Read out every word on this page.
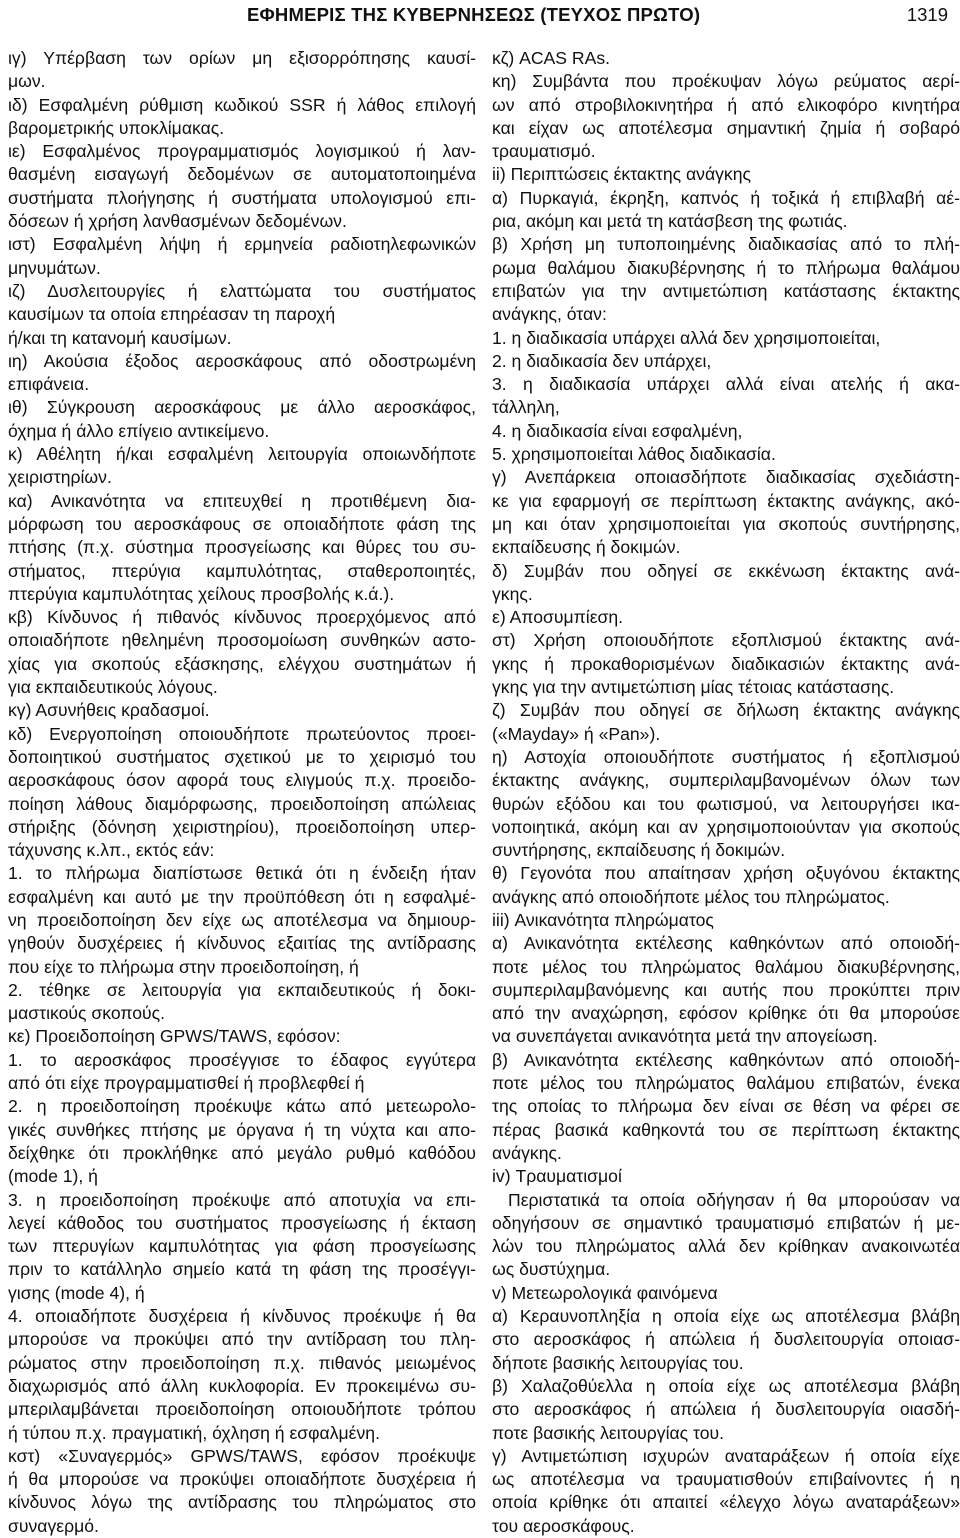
ΕΦΗΜΕΡΙΣ ΤΗΣ ΚΥΒΕΡΝΗΣΕΩΣ (ΤΕΥΧΟΣ ΠΡΩΤΟ)	1319
ιγ) Υπέρβαση των ορίων μη εξισορρόπησης καυσί-
μων.
ιδ) Εσφαλμένη ρύθμιση κωδικού SSR ή λάθος επιλογή
βαρομετρικής υποκλίμακας.
ιε) Εσφαλμένος προγραμματισμός λογισμικού ή λαν-
θασμένη εισαγωγή δεδομένων σε αυτοματοποιημένα
συστήματα πλοήγησης ή συστήματα υπολογισμού επι-
δόσεων ή χρήση λανθασμένων δεδομένων.
ιστ) Εσφαλμένη λήψη ή ερμηνεία ραδιοτηλεφωνικών
μηνυμάτων.
ιζ) Δυσλειτουργίες ή ελαττώματα του συστήματος
καυσίμων τα οποία επηρέασαν τη παροχή
ή/και τη κατανομή καυσίμων.
ιη) Ακούσια έξοδος αεροσκάφους από οδοστρωμένη
επιφάνεια.
ιθ) Σύγκρουση αεροσκάφους με άλλο αεροσκάφος,
όχημα ή άλλο επίγειο αντικείμενο.
κ) Αθέλητη ή/και εσφαλμένη λειτουργία οποιωνδήποτε
χειριστηρίων.
κα) Ανικανότητα να επιτευχθεί η προτιθέμενη δια-
μόρφωση του αεροσκάφους σε οποιαδήποτε φάση της
πτήσης (π.χ. σύστημα προσγείωσης και θύρες του συ-
στήματος, πτερύγια καμπυλότητας, σταθεροποιητές,
πτερύγια καμπυλότητας χείλους προσβολής κ.ά.).
κβ) Κίνδυνος ή πιθανός κίνδυνος προερχόμενος από
οποιαδήποτε ηθελημένη προσομοίωση συνθηκών αστο-
χίας για σκοπούς εξάσκησης, ελέγχου συστημάτων ή
για εκπαιδευτικούς λόγους.
κγ) Ασυνήθεις κραδασμοί.
κδ) Ενεργοποίηση οποιουδήποτε πρωτεύοντος προει-
δοποιητικού συστήματος σχετικού με το χειρισμό του
αεροσκάφους όσον αφορά τους ελιγμούς π.χ. προειδο-
ποίηση λάθους διαμόρφωσης, προειδοποίηση απώλειας
στήριξης (δόνηση χειριστηρίου), προειδοποίηση υπερ-
τάχυνσης κ.λπ., εκτός εάν:
1. το πλήρωμα διαπίστωσε θετικά ότι η ένδειξη ήταν
εσφαλμένη και αυτό με την προϋπόθεση ότι η εσφαλμέ-
νη προειδοποίηση δεν είχε ως αποτέλεσμα να δημιουρ-
γηθούν δυσχέρειες ή κίνδυνος εξαιτίας της αντίδρασης
που είχε το πλήρωμα στην προειδοποίηση, ή
2. τέθηκε σε λειτουργία για εκπαιδευτικούς ή δοκι-
μαστικούς σκοπούς.
κε) Προειδοποίηση GPWS/TAWS, εφόσον:
1. το αεροσκάφος προσέγγισε το έδαφος εγγύτερα
από ότι είχε προγραμματισθεί ή προβλεφθεί ή
2. η προειδοποίηση προέκυψε κάτω από μετεωρολο-
γικές συνθήκες πτήσης με όργανα ή τη νύχτα και απο-
δείχθηκε ότι προκλήθηκε από μεγάλο ρυθμό καθόδου
(mode 1), ή
3. η προειδοποίηση προέκυψε από αποτυχία να επι-
λεγεί κάθοδος του συστήματος προσγείωσης ή έκταση
των πτερυγίων καμπυλότητας για φάση προσγείωσης
πριν το κατάλληλο σημείο κατά τη φάση της προσέγγι-
γισης (mode 4), ή
4. οποιαδήποτε δυσχέρεια ή κίνδυνος προέκυψε ή θα
μπορούσε να προκύψει από την αντίδραση του πλη-
ρώματος στην προειδοποίηση π.χ. πιθανός μειωμένος
διαχωρισμός από άλλη κυκλοφορία. Εν προκειμένω συ-
μπεριλαμβάνεται προειδοποίηση οποιουδήποτε τρόπου
ή τύπου π.χ. πραγματική, όχληση ή εσφαλμένη.
κστ) «Συναγερμός» GPWS/TAWS, εφόσον προέκυψε
ή θα μπορούσε να προκύψει οποιαδήποτε δυσχέρεια ή
κίνδυνος λόγω της αντίδρασης του πληρώματος στο
συναγερμό.
κζ) ACAS RAs.
κη) Συμβάντα που προέκυψαν λόγω ρεύματος αερί-
ων από στροβιλοκινητήρα ή από ελικοφόρο κινητήρα
και είχαν ως αποτέλεσμα σημαντική ζημία ή σοβαρό
τραυματισμό.
ii) Περιπτώσεις έκτακτης ανάγκης
α) Πυρκαγιά, έκρηξη, καπνός ή τοξικά ή επιβλαβή αέ-
ρια, ακόμη και μετά τη κατάσβεση της φωτιάς.
β) Χρήση μη τυποποιημένης διαδικασίας από το πλή-
ρωμα θαλάμου διακυβέρνησης ή το πλήρωμα θαλάμου
επιβατών για την αντιμετώπιση κατάστασης έκτακτης
ανάγκης, όταν:
1. η διαδικασία υπάρχει αλλά δεν χρησιμοποιείται,
2. η διαδικασία δεν υπάρχει,
3. η διαδικασία υπάρχει αλλά είναι ατελής ή ακα-
τάλληλη,
4. η διαδικασία είναι εσφαλμένη,
5. χρησιμοποιείται λάθος διαδικασία.
γ) Ανεπάρκεια οποιασδήποτε διαδικασίας σχεδιάστη-
κε για εφαρμογή σε περίπτωση έκτακτης ανάγκης, ακό-
μη και όταν χρησιμοποιείται για σκοπούς συντήρησης,
εκπαίδευσης ή δοκιμών.
δ) Συμβάν που οδηγεί σε εκκένωση έκτακτης ανά-
γκης.
ε) Αποσυμπίεση.
στ) Χρήση οποιουδήποτε εξοπλισμού έκτακτης ανά-
γκης ή προκαθορισμένων διαδικασιών έκτακτης ανά-
γκης για την αντιμετώπιση μίας τέτοιας κατάστασης.
ζ) Συμβάν που οδηγεί σε δήλωση έκτακτης ανάγκης
(«Mayday» ή «Pan»).
η) Αστοχία οποιουδήποτε συστήματος ή εξοπλισμού
έκτακτης ανάγκης, συμπεριλαμβανομένων όλων των
θυρών εξόδου και του φωτισμού, να λειτουργήσει ικα-
νοποιητικά, ακόμη και αν χρησιμοποιούνταν για σκοπούς
συντήρησης, εκπαίδευσης ή δοκιμών.
θ) Γεγονότα που απαίτησαν χρήση οξυγόνου έκτακτης
ανάγκης από οποιοδήποτε μέλος του πληρώματος.
iii) Ανικανότητα πληρώματος
α) Ανικανότητα εκτέλεσης καθηκόντων από οποιοδή-
ποτε μέλος του πληρώματος θαλάμου διακυβέρνησης,
συμπεριλαμβανόμενης και αυτής που προκύπτει πριν
από την αναχώρηση, εφόσον κρίθηκε ότι θα μπορούσε
να συνεπάγεται ανικανότητα μετά την απογείωση.
β) Ανικανότητα εκτέλεσης καθηκόντων από οποιοδή-
ποτε μέλος του πληρώματος θαλάμου επιβατών, ένεκα
της οποίας το πλήρωμα δεν είναι σε θέση να φέρει σε
πέρας βασικά καθηκοντά του σε περίπτωση έκτακτης
ανάγκης.
iv) Τραυματισμοί
Περιστατικά τα οποία οδήγησαν ή θα μπορούσαν να
οδηγήσουν σε σημαντικό τραυματισμό επιβατών ή με-
λών του πληρώματος αλλά δεν κρίθηκαν ανακοινωτέα
ως δυστύχημα.
v) Μετεωρολογικά φαινόμενα
α) Κεραυνοπληξία η οποία είχε ως αποτέλεσμα βλάβη
στο αεροσκάφος ή απώλεια ή δυσλειτουργία οποιασ-
δήποτε βασικής λειτουργίας του.
β) Χαλαζοθύελλα η οποία είχε ως αποτέλεσμα βλάβη
στο αεροσκάφος ή απώλεια ή δυσλειτουργία οιασδή-
ποτε βασικής λειτουργίας του.
γ) Αντιμετώπιση ισχυρών αναταράξεων ή οποία είχε
ως αποτέλεσμα να τραυματισθούν επιβαίνοντες ή η
οποία κρίθηκε ότι απαιτεί «έλεγχο λόγω αναταράξεων»
του αεροσκάφους.
